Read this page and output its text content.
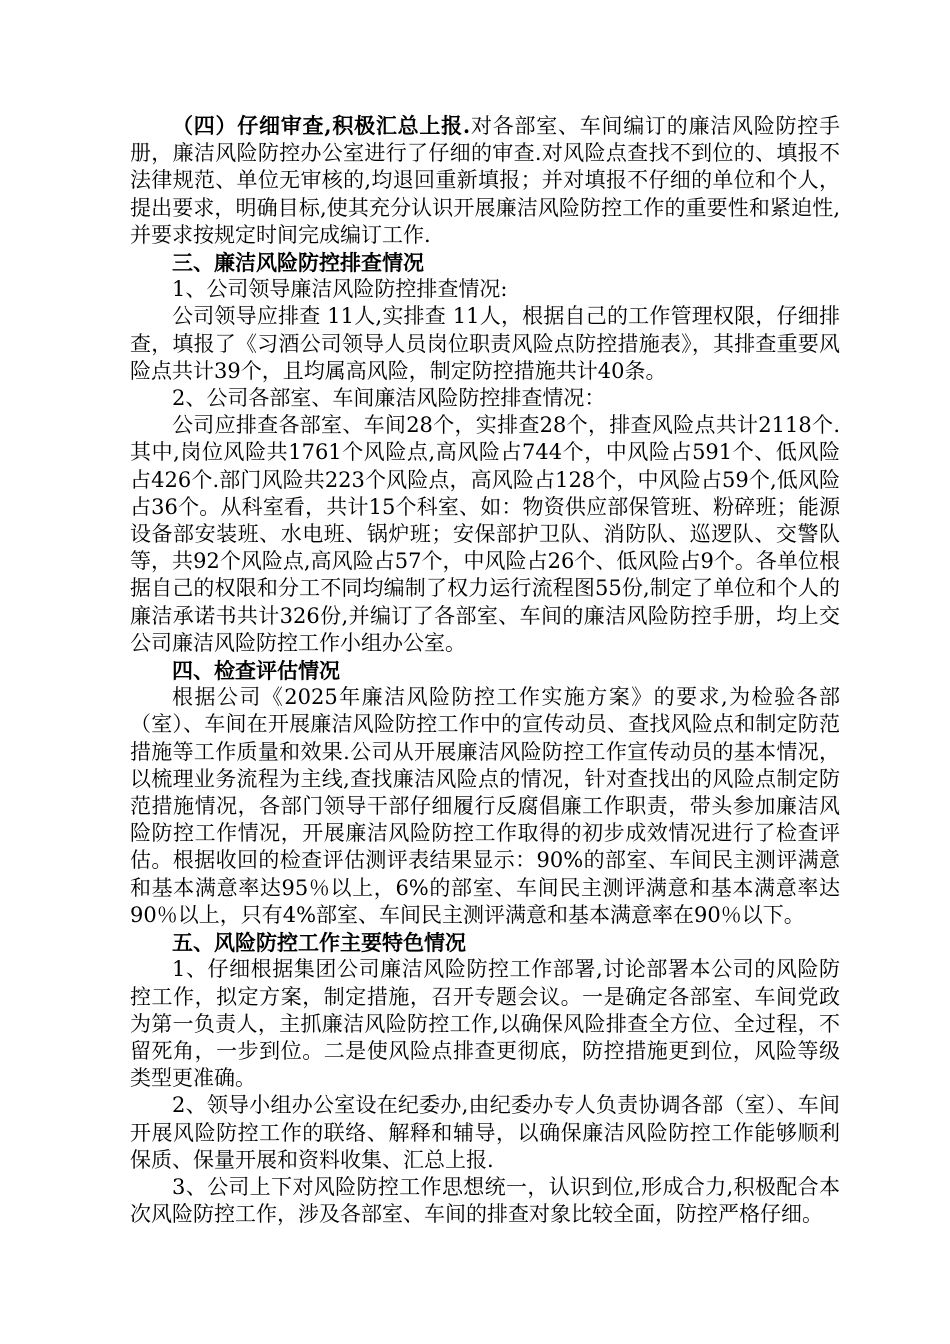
（四）仔细审查,积极汇总上报.对各部室、车间编订的廉洁风险防控手册，廉洁风险防控办公室进行了仔细的审查.对风险点查找不到位的、填报不法律规范、单位无审核的,均退回重新填报；并对填报不仔细的单位和个人，提出要求，明确目标,使其充分认识开展廉洁风险防控工作的重要性和紧迫性,并要求按规定时间完成编订工作.

三、廉洁风险防控排查情况

1、公司领导廉洁风险防控排查情况:

公司领导应排查 11人,实排查 11人，根据自己的工作管理权限，仔细排查，填报了《习酒公司领导人员岗位职责风险点防控措施表》，其排查重要风险点共计39个，且均属高风险，制定防控措施共计40条。

2、公司各部室、车间廉洁风险防控排查情况：

公司应排查各部室、车间28个，实排查28个，排查风险点共计2118个.其中,岗位风险共1761个风险点,高风险占744个，中风险占591个、低风险占426个.部门风险共223个风险点，高风险占128个，中风险占59个,低风险占36个。从科室看，共计15个科室、如：物资供应部保管班、粉碎班；能源设备部安装班、水电班、锅炉班；安保部护卫队、消防队、巡逻队、交警队等，共92个风险点,高风险占57个，中风险占26个、低风险占9个。各单位根据自己的权限和分工不同均编制了权力运行流程图55份,制定了单位和个人的廉洁承诺书共计326份,并编订了各部室、车间的廉洁风险防控手册，均上交公司廉洁风险防控工作小组办公室。

四、检查评估情况

根据公司《2025年廉洁风险防控工作实施方案》的要求,为检验各部（室）、车间在开展廉洁风险防控工作中的宣传动员、查找风险点和制定防范措施等工作质量和效果.公司从开展廉洁风险防控工作宣传动员的基本情况，以梳理业务流程为主线,查找廉洁风险点的情况，针对查找出的风险点制定防范措施情况，各部门领导干部仔细履行反腐倡廉工作职责，带头参加廉洁风险防控工作情况，开展廉洁风险防控工作取得的初步成效情况进行了检查评估。根据收回的检查评估测评表结果显示：90%的部室、车间民主测评满意和基本满意率达95％以上，6%的部室、车间民主测评满意和基本满意率达90％以上，只有4%部室、车间民主测评满意和基本满意率在90％以下。

五、风险防控工作主要特色情况

1、仔细根据集团公司廉洁风险防控工作部署,讨论部署本公司的风险防控工作，拟定方案，制定措施，召开专题会议。一是确定各部室、车间党政为第一负责人，主抓廉洁风险防控工作,以确保风险排查全方位、全过程，不留死角，一步到位。二是使风险点排查更彻底，防控措施更到位，风险等级类型更准确。

2、领导小组办公室设在纪委办,由纪委办专人负责协调各部（室）、车间开展风险防控工作的联络、解释和辅导，以确保廉洁风险防控工作能够顺利保质、保量开展和资料收集、汇总上报.

3、公司上下对风险防控工作思想统一，认识到位,形成合力,积极配合本次风险防控工作，涉及各部室、车间的排查对象比较全面，防控严格仔细。
